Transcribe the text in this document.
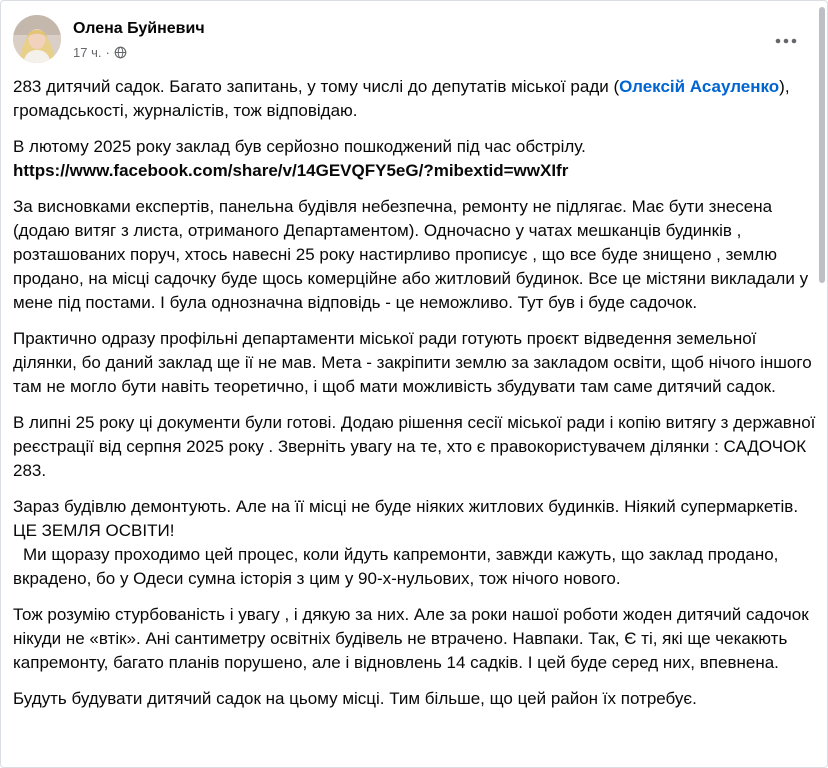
Олена Буйневич
17 ч. ·

283 дитячий садок. Багато запитань, у тому числі до депутатів міської ради (Олексій Асауленко), громадськості, журналістів, тож відповідаю.

В лютому 2025 року заклад був серйозно пошкоджений під час обстрілу.
https://www.facebook.com/share/v/14GEVQFY5eG/?mibextid=wwXIfr

За висновками експертів, панельна будівля небезпечна, ремонту не підлягає. Має бути знесена (додаю витяг з листа, отриманого Департаментом). Одночасно у чатах мешканців будинків , розташованих поруч, хтось навесні 25 року настирливо прописує , що все буде знищено , землю продано, на місці садочку буде щось комерційне або житловий будинок. Все це містяни викладали у мене під постами. І була однозначна відповідь - це неможливо. Тут був і буде садочок.

Практично одразу профільні департаменти міської ради готують проєкт відведення земельної ділянки, бо даний заклад ще ії не мав. Мета - закріпити землю за закладом освіти, щоб нічого іншого там не могло бути навіть теоретично, і щоб мати можливість збудувати там саме дитячий садок.

В липні 25 року ці документи були готові. Додаю рішення сесії міської ради і копію витягу з державної реєстрації від серпня 2025 року . Зверніть увагу на те, хто є правокористувачем ділянки : САДОЧОК 283.

Зараз будівлю демонтують. Але на її місці не буде ніяких житлових будинків. Ніякий супермаркетів. ЦЕ ЗЕМЛЯ ОСВІТИ!
Ми щоразу проходимо цей процес, коли йдуть капремонти, завжди кажуть, що заклад продано, вкрадено, бо у Одеси сумна історія з цим у 90-х-нульових, тож нічого нового.

Тож розумію стурбованість і увагу , і дякую за них. Але за роки нашої роботи жоден дитячий садочок нікуди не «втік». Ані сантиметру освітніх будівель не втрачено. Навпаки. Так, Є ті, які ще чекакють капремонту, багато планів порушено, але і відновлень 14 садків. І цей буде серед них, впевнена.

Будуть будувати дитячий садок на цьому місці. Тим більше, що цей район їх потребує.
